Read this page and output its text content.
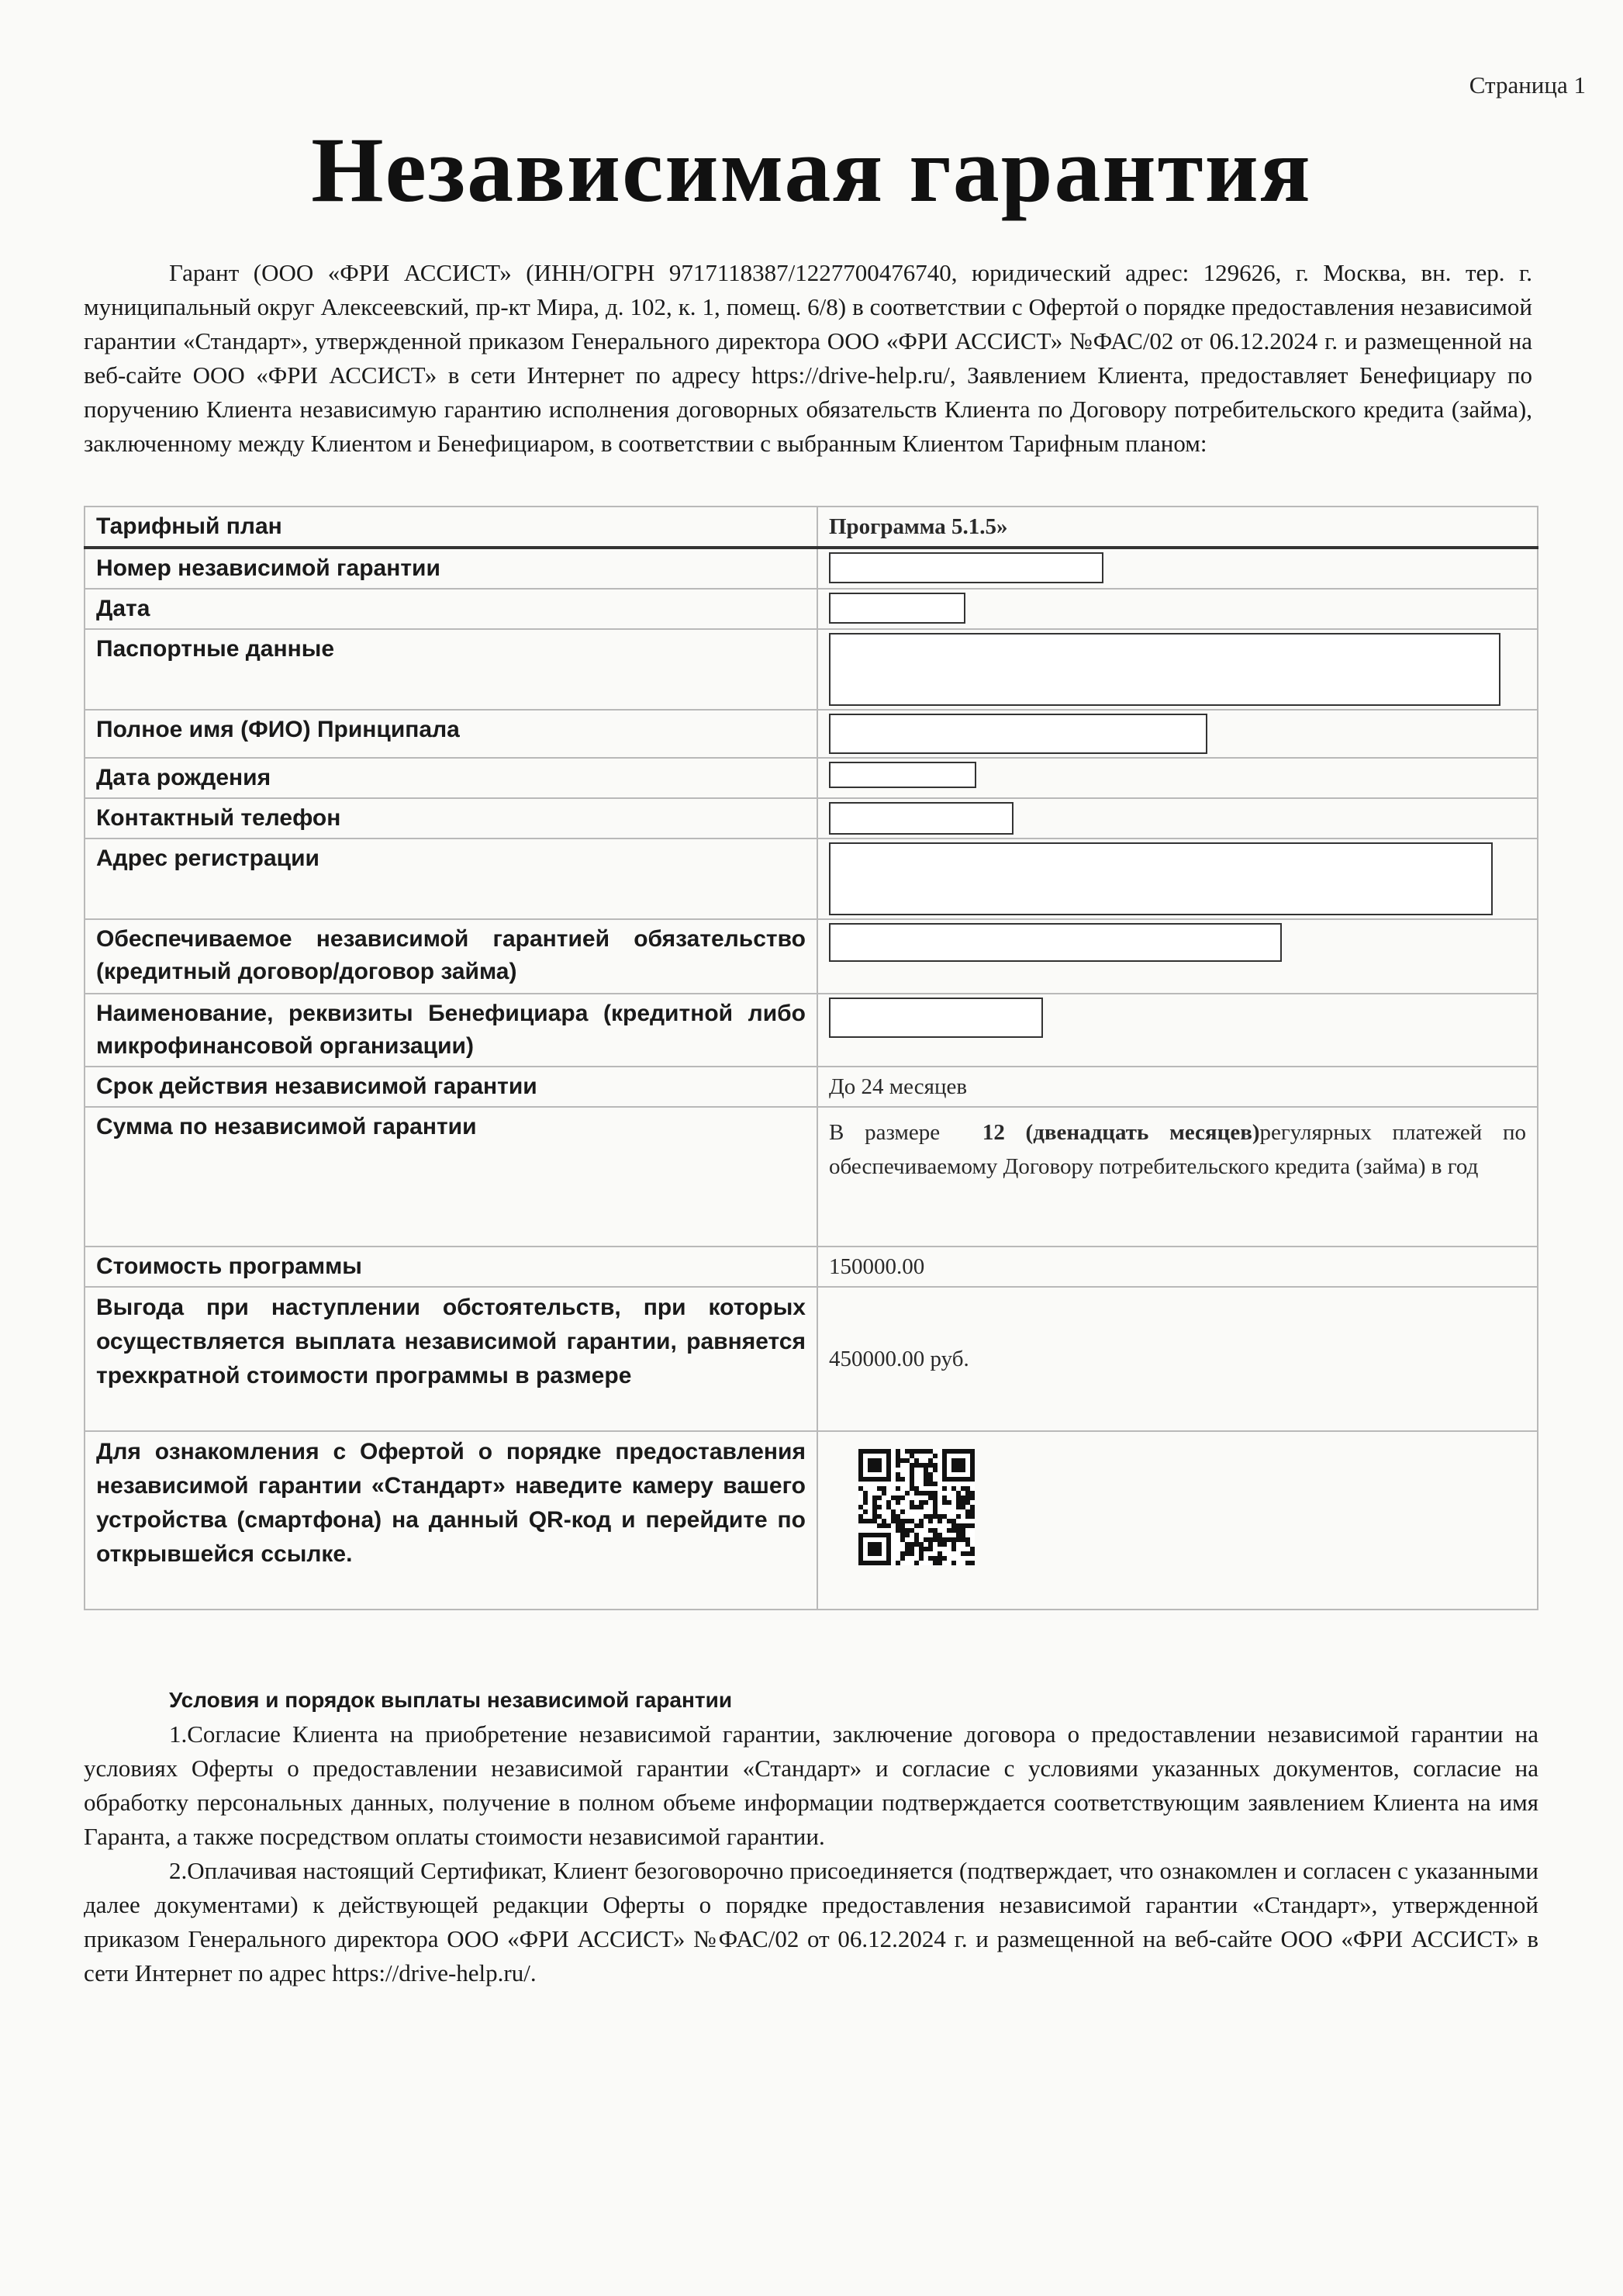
Страница 1
Независимая гарантия

Гарант (ООО «ФРИ АССИСТ» (ИНН/ОГРН 9717118387/1227700476740, юридический адрес: 129626, г. Москва, вн. тер. г. муниципальный округ Алексеевский, пр-кт Мира, д. 102, к. 1, помещ. 6/8) в соответствии с Офертой о порядке предоставления независимой гарантии «Стандарт», утвержденной приказом Генерального директора ООО «ФРИ АССИСТ» №ФАС/02 от 06.12.2024 г. и размещенной на веб-сайте ООО «ФРИ АССИСТ» в сети Интернет по адресу https://drive-help.ru/, Заявлением Клиента, предоставляет Бенефициару по поручению Клиента независимую гарантию исполнения договорных обязательств Клиента по Договору потребительского кредита (займа), заключенному между Клиентом и Бенефициаром, в соответствии с выбранным Клиентом Тарифным планом:

Тарифный план	Программа 5.1.5»
Номер независимой гарантии	
Дата	
Паспортные данные	
Полное имя (ФИО) Принципала	
Дата рождения	
Контактный телефон	
Адрес регистрации	
Обеспечиваемое независимой гарантией обязательство (кредитный договор/договор займа)	
Наименование, реквизиты Бенефициара (кредитной либо микрофинансовой организации)	
Срок действия независимой гарантии	До 24 месяцев
Сумма по независимой гарантии	В размере 12 (двенадцать месяцев)регулярных платежей по обеспечиваемому Договору потребительского кредита (займа) в год
Стоимость программы	150000.00
Выгода при наступлении обстоятельств, при которых осуществляется выплата независимой гарантии, равняется трехкратной стоимости программы в размере	450000.00 руб.
Для ознакомления с Офертой о порядке предоставления независимой гарантии «Стандарт» наведите камеру вашего устройства (смартфона) на данный QR-код и перейдите по открывшейся ссылке.	
Условия и порядок выплаты независимой гарантии

1.Согласие Клиента на приобретение независимой гарантии, заключение договора о предоставлении независимой гарантии на условиях Оферты о предоставлении независимой гарантии «Стандарт» и согласие с условиями указанных документов, согласие на обработку персональных данных, получение в полном объеме информации подтверждается соответствующим заявлением Клиента на имя Гаранта, а также посредством оплаты стоимости независимой гарантии.

2.Оплачивая настоящий Сертификат, Клиент безоговорочно присоединяется (подтверждает, что ознакомлен и согласен с указанными далее документами) к действующей редакции Оферты о порядке предоставления независимой гарантии «Стандарт», утвержденной приказом Генерального директора ООО «ФРИ АССИСТ» №ФАС/02 от 06.12.2024 г. и размещенной на веб-сайте ООО «ФРИ АССИСТ» в сети Интернет по адрес https://drive-help.ru/.
